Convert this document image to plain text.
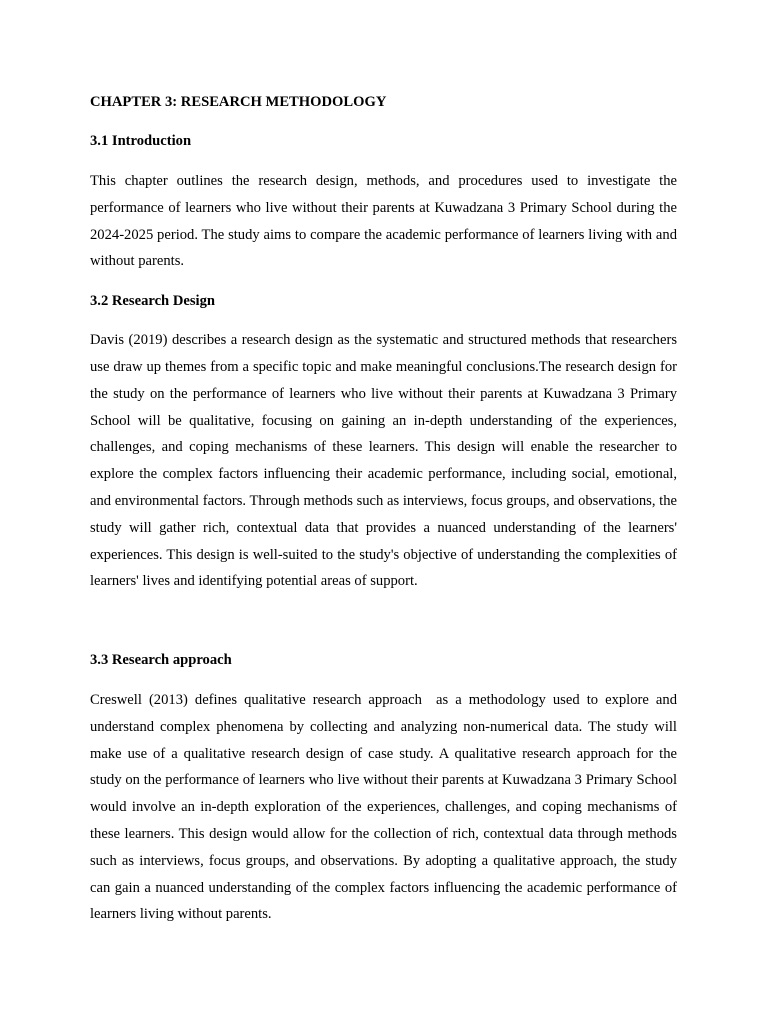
CHAPTER 3: RESEARCH METHODOLOGY
3.1 Introduction

This chapter outlines the research design, methods, and procedures used to investigate the performance of learners who live without their parents at Kuwadzana 3 Primary School during the 2024-2025 period. The study aims to compare the academic performance of learners living with and without parents.

3.2 Research Design

Davis (2019) describes a research design as the systematic and structured methods that researchers use draw up themes from a specific topic and make meaningful conclusions.The research design for the study on the performance of learners who live without their parents at Kuwadzana 3 Primary School will be qualitative, focusing on gaining an in-depth understanding of the experiences, challenges, and coping mechanisms of these learners. This design will enable the researcher to explore the complex factors influencing their academic performance, including social, emotional, and environmental factors. Through methods such as interviews, focus groups, and observations, the study will gather rich, contextual data that provides a nuanced understanding of the learners' experiences. This design is well-suited to the study's objective of understanding the complexities of learners' lives and identifying potential areas of support.

3.3 Research approach

Creswell (2013) defines qualitative research approach  as a methodology used to explore and understand complex phenomena by collecting and analyzing non-numerical data. The study will make use of a qualitative research design of case study. A qualitative research approach for the study on the performance of learners who live without their parents at Kuwadzana 3 Primary School would involve an in-depth exploration of the experiences, challenges, and coping mechanisms of these learners. This design would allow for the collection of rich, contextual data through methods such as interviews, focus groups, and observations. By adopting a qualitative approach, the study can gain a nuanced understanding of the complex factors influencing the academic performance of learners living without parents.
